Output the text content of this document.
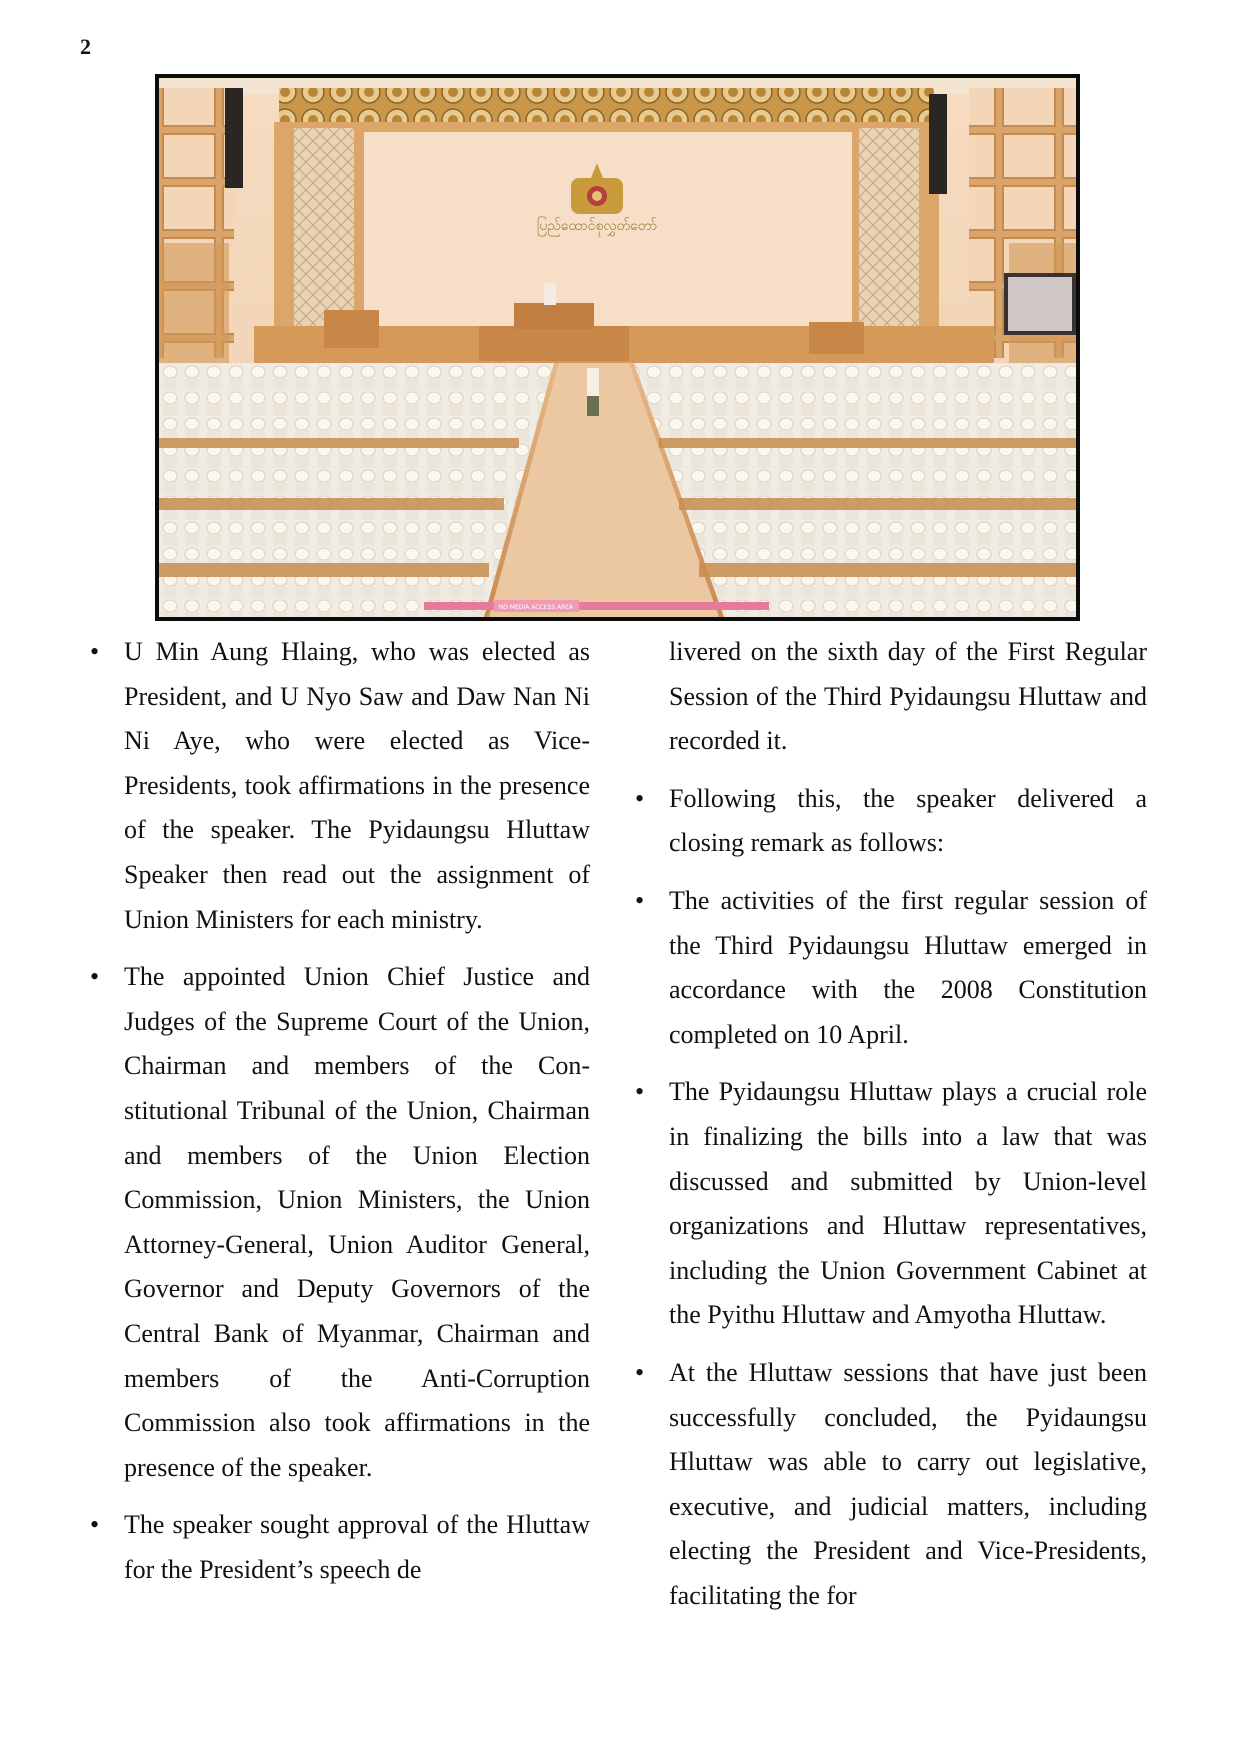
2
ပြည်ထောင်စုလွှတ်တော်
NO MEDIA ACCESS AREA
• U Min Aung Hlaing, who was elected as President, and U Nyo Saw and Daw Nan Ni Ni Aye, who were elected as Vice-Presidents, took affirmations in the presence of the speaker. The Pyidaungsu Hluttaw Speaker then read out the assignment of Union Ministers for each ministry.
• The appointed Union Chief Justice and Judges of the Supreme Court of the Union, Chairman and members of the Constitutional Tribunal of the Union, Chairman and members of the Union Election Commission, Union Ministers, the Union Attorney-General, Union Auditor General, Governor and Deputy Governors of the Central Bank of Myanmar, Chairman and members of the Anti-Corruption Commission also took affirmations in the presence of the speaker.
• The speaker sought approval of the Hluttaw for the President’s speech de
livered on the sixth day of the First Regular Session of the Third Pyidaungsu Hluttaw and recorded it.
• Following this, the speaker delivered a closing remark as follows:
• The activities of the first regular session of the Third Pyidaungsu Hluttaw emerged in accordance with the 2008 Constitution completed on 10 April.
• The Pyidaungsu Hluttaw plays a crucial role in finalizing the bills into a law that was discussed and submitted by Union-level organizations and Hluttaw representatives, including the Union Government Cabinet at the Pyithu Hluttaw and Amyotha Hluttaw.
• At the Hluttaw sessions that have just been successfully concluded, the Pyidaungsu Hluttaw was able to carry out legislative, executive, and judicial matters, including electing the President and Vice-Presidents, facilitating the for
